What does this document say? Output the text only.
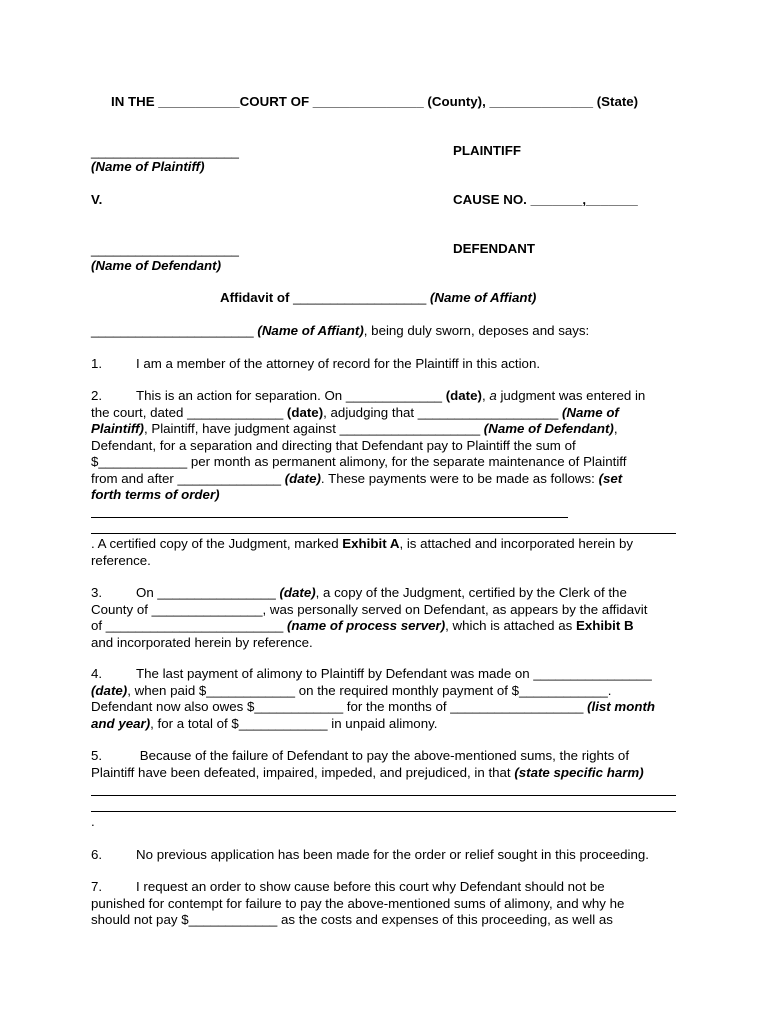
IN THE ___________COURT OF _______________ (County), ______________ (State)
____________________
(Name of Plaintiff)
PLAINTIFF
V.	CAUSE NO. _______,_______
____________________
(Name of Defendant)
DEFENDANT
Affidavit of __________________ (Name of Affiant)
______________________ (Name of Affiant), being duly sworn, deposes and says:
1.	I am a member of the attorney of record for the Plaintiff in this action.
2.	This is an action for separation. On _____________ (date), a judgment was entered in
the court, dated _____________ (date), adjudging that ___________________ (Name of
Plaintiff), Plaintiff, have judgment against ___________________ (Name of Defendant),
Defendant, for a separation and directing that Defendant pay to Plaintiff the sum of
$____________ per month as permanent alimony, for the separate maintenance of Plaintiff
from and after ______________ (date). These payments were to be made as follows: (set
forth terms of order)
. A certified copy of the Judgment, marked Exhibit A, is attached and incorporated herein by
reference.
3.	On ________________ (date), a copy of the Judgment, certified by the Clerk of the
County of _______________, was personally served on Defendant, as appears by the affidavit
of ________________________ (name of process server), which is attached as Exhibit B
and incorporated herein by reference.
4.	The last payment of alimony to Plaintiff by Defendant was made on ________________
(date), when paid $____________ on the required monthly payment of $____________.
Defendant now also owes $____________ for the months of __________________ (list month
and year), for a total of $____________ in unpaid alimony.
5.	Because of the failure of Defendant to pay the above-mentioned sums, the rights of
Plaintiff have been defeated, impaired, impeded, and prejudiced, in that (state specific harm)
.
6.	No previous application has been made for the order or relief sought in this proceeding.
7.	I request an order to show cause before this court why Defendant should not be
punished for contempt for failure to pay the above-mentioned sums of alimony, and why he
should not pay $____________ as the costs and expenses of this proceeding, as well as
